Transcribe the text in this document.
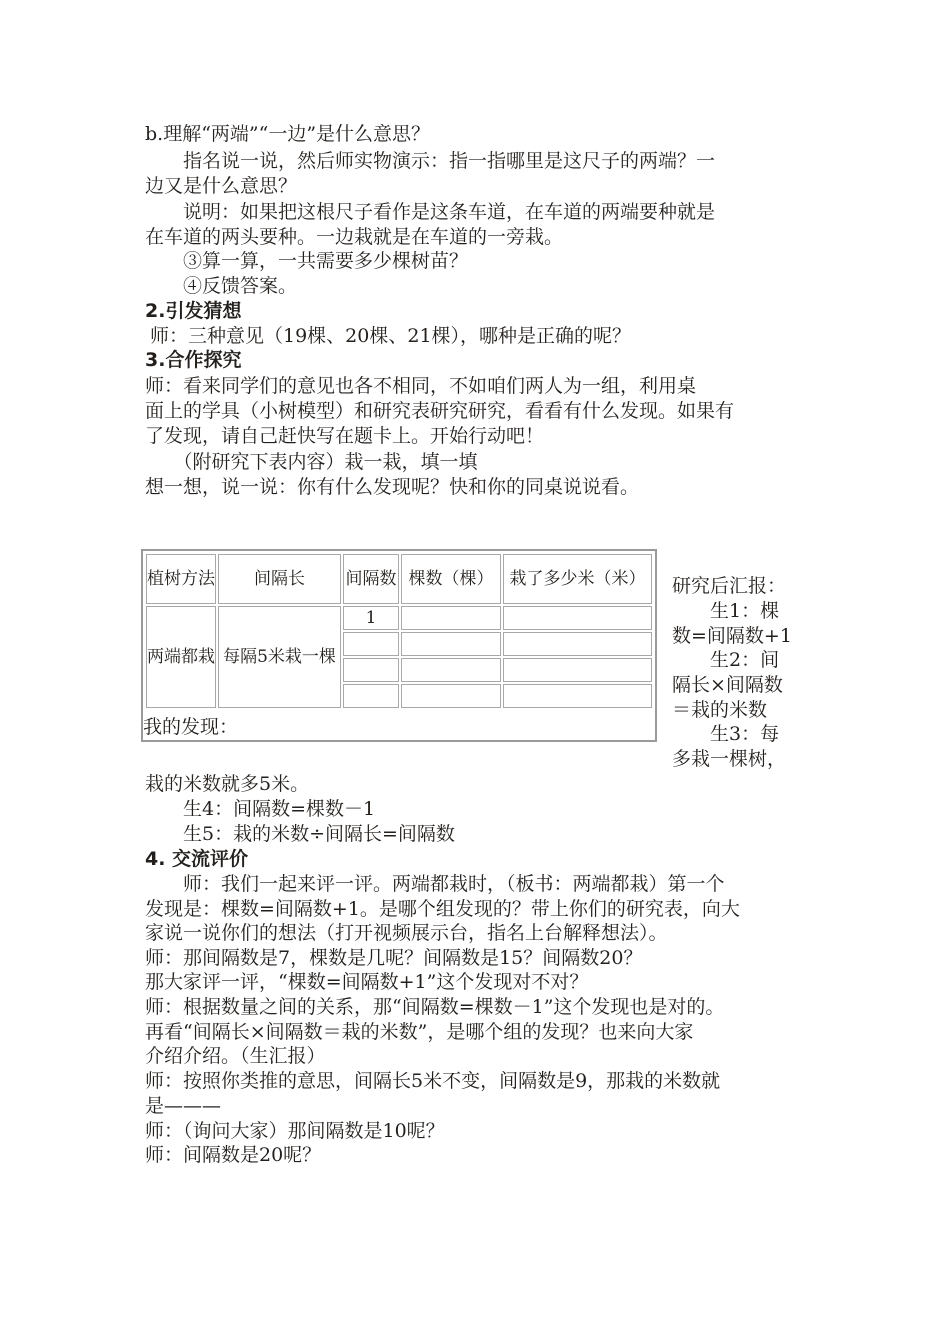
b.理解“两端”“一边”是什么意思？
　　指名说一说，然后师实物演示：指一指哪里是这尺子的两端？一
边又是什么意思？
　　说明：如果把这根尺子看作是这条车道，在车道的两端要种就是
在车道的两头要种。一边栽就是在车道的一旁栽。
　　③算一算，一共需要多少棵树苗？
　　④反馈答案。
2.引发猜想
师：三种意见（19棵、20棵、21棵），哪种是正确的呢？
3.合作探究
师：看来同学们的意见也各不相同，不如咱们两人为一组，利用桌
面上的学具（小树模型）和研究表研究研究，看看有什么发现。如果有
了发现，请自己赶快写在题卡上。开始行动吧！
　　（附研究下表内容）栽一栽，填一填
想一想，说一说：你有什么发现呢？快和你的同桌说说看。
植树方法	间隔长	间隔数	棵数（棵）	栽了多少米（米）
两端都栽	每隔5米栽一棵	1		

我的发现：
研究后汇报：
　　生1：棵
数=间隔数+1
　　生2：间
隔长×间隔数
＝栽的米数
　　生3：每
多栽一棵树，
栽的米数就多5米。
　　生4：间隔数=棵数－1
　　生5：栽的米数÷间隔长=间隔数
4. 交流评价
　　师：我们一起来评一评。两端都栽时，（板书：两端都栽）第一个
发现是：棵数=间隔数+1。是哪个组发现的？带上你们的研究表，向大
家说一说你们的想法（打开视频展示台，指名上台解释想法）。
师：那间隔数是7，棵数是几呢？间隔数是15？间隔数20？
那大家评一评，“棵数=间隔数+1”这个发现对不对？
师：根据数量之间的关系，那“间隔数=棵数－1”这个发现也是对的。
再看“间隔长×间隔数＝栽的米数”，是哪个组的发现？也来向大家
介绍介绍。（生汇报）
师：按照你类推的意思，间隔长5米不变，间隔数是9，那栽的米数就
是———
师：（询问大家）那间隔数是10呢？
师：间隔数是20呢？
